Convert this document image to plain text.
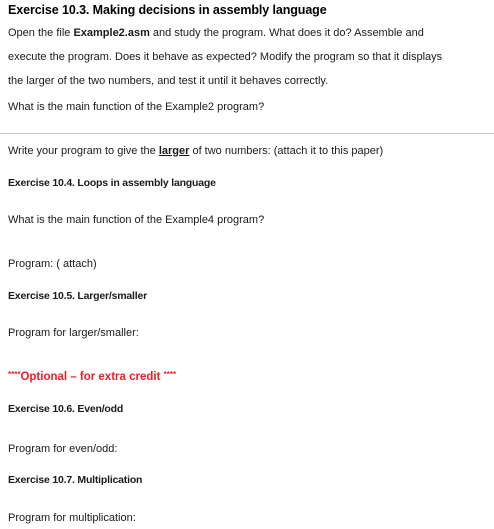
Exercise 10.3. Making decisions in assembly language
Open the file Example2.asm and study the program. What does it do? Assemble and
execute the program. Does it behave as expected? Modify the program so that it displays
the larger of the two numbers, and test it until it behaves correctly.
What is the main function of the Example2 program?
Write your program to give the larger of two numbers: (attach it to this paper)
Exercise 10.4. Loops in assembly language
What is the main function of the Example4 program?
Program: ( attach)
Exercise 10.5. Larger/smaller
Program for larger/smaller:
****Optional – for extra credit ****
Exercise 10.6. Even/odd
Program for even/odd:
Exercise 10.7. Multiplication
Program for multiplication:
